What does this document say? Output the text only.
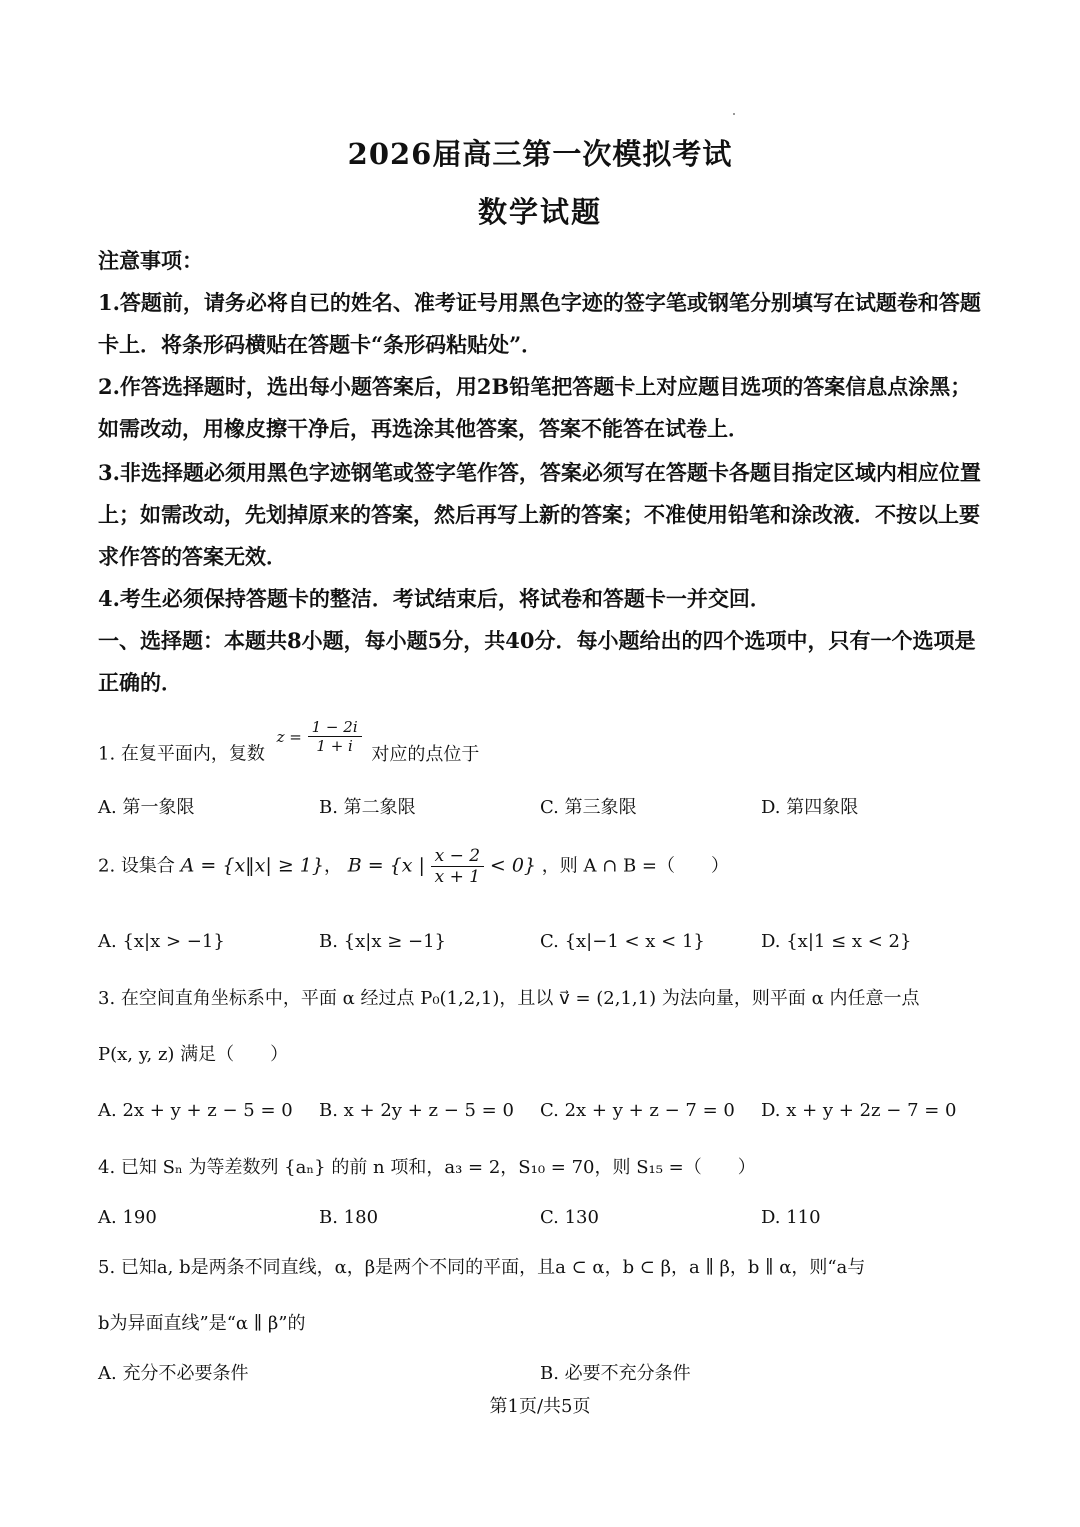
2026届高三第一次模拟考试
数学试题
注意事项：
1.答题前，请务必将自已的姓名、准考证号用黑色字迹的签字笔或钢笔分别填写在试题卷和答题卡上．将条形码横贴在答题卡“条形码粘贴处”．
2.作答选择题时，选出每小题答案后，用2B铅笔把答题卡上对应题目选项的答案信息点涂黑；如需改动，用橡皮擦干净后，再选涂其他答案，答案不能答在试卷上．
3.非选择题必须用黑色字迹钢笔或签字笔作答，答案必须写在答题卡各题目指定区域内相应位置上；如需改动，先划掉原来的答案，然后再写上新的答案；不准使用铅笔和涂改液．不按以上要求作答的答案无效．
4.考生必须保持答题卡的整洁．考试结束后，将试卷和答题卡一并交回．
一、选择题：本题共8小题，每小题5分，共40分．每小题给出的四个选项中，只有一个选项是正确的．
1. 在复平面内，复数 $z = \frac{1 - 2i}{1 + i}$ 对应的点位于
A. 第一象限	B. 第二象限	C. 第三象限	D. 第四象限
2. 设集合 A = {x‖x| ≥ 1}， B = {x | $\frac{x - 2}{x + 1} < 0$} ，则 A ∩ B =（　　）
A. {x|x > −1}	B. {x|x ≥ −1}	C. {x|−1 < x < 1}	D. {x|1 ≤ x < 2}
3. 在空间直角坐标系中，平面 α 经过点 P₀(1,2,1)，且以 v⃗ = (2,1,1) 为法向量，则平面 α 内任意一点
P(x, y, z) 满足（　　）
A. 2x + y + z − 5 = 0 B. x + 2y + z − 5 = 0 C. 2x + y + z − 7 = 0 D. x + y + 2z − 7 = 0
4. 已知 Sₙ 为等差数列 {aₙ} 的前 n 项和，a₃ = 2，S₁₀ = 70，则 S₁₅ =（　　）
A. 190	B. 180	C. 130	D. 110
5. 已知a, b是两条不同直线，α，β是两个不同的平面，且a ⊂ α，b ⊂ β，a ∥ β，b ∥ α，则“a与
b为异面直线”是“α ∥ β”的
A. 充分不必要条件	B. 必要不充分条件
第1页/共5页
